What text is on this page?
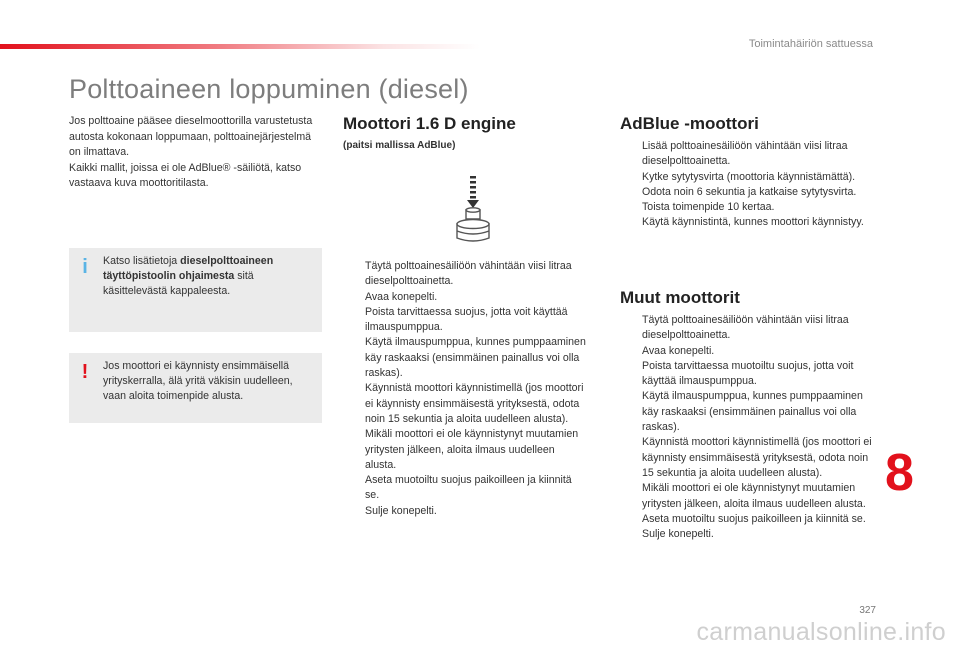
Toimintahäiriön sattuessa
Polttoaineen loppuminen (diesel)

Jos polttoaine pääsee dieselmoottorilla varustetusta autosta kokonaan loppumaan, polttoainejärjestelmä on ilmattava.

Kaikki mallit, joissa ei ole AdBlue® -säiliötä, katso vastaava kuva moottoritilasta.

i	Katso lisätietoja dieselpolttoaineen täyttöpistoolin ohjaimesta sitä käsittelevästä kappaleesta.
! Jos moottori ei käynnisty ensimmäisellä yrityskerralla, älä yritä väkisin uudelleen, vaan aloita toimenpide alusta.
Moottori 1.6 D engine
(paitsi mallissa AdBlue)
Täytä polttoainesäiliöön vähintään viisi litraa dieselpolttoainetta.
Avaa konepelti.
Poista tarvittaessa suojus, jotta voit käyttää ilmauspumppua.
Käytä ilmauspumppua, kunnes pumppaaminen käy raskaaksi (ensimmäinen painallus voi olla raskas).
Käynnistä moottori käynnistimellä (jos moottori ei käynnisty ensimmäisestä yrityksestä, odota noin 15 sekuntia ja aloita uudelleen alusta).
Mikäli moottori ei ole käynnistynyt muutamien yritysten jälkeen, aloita ilmaus uudelleen alusta.
Aseta muotoiltu suojus paikoilleen ja kiinnitä se.
Sulje konepelti.
AdBlue -moottori
Lisää polttoainesäiliöön vähintään viisi litraa dieselpolttoainetta.
Kytke sytytysvirta (moottoria käynnistämättä).
Odota noin 6 sekuntia ja katkaise sytytysvirta.
Toista toimenpide 10 kertaa.
Käytä käynnistintä, kunnes moottori käynnistyy.
Muut moottorit
Täytä polttoainesäiliöön vähintään viisi litraa dieselpolttoainetta.
Avaa konepelti.
Poista tarvittaessa muotoiltu suojus, jotta voit käyttää ilmauspumppua.
Käytä ilmauspumppua, kunnes pumppaaminen käy raskaaksi (ensimmäinen painallus voi olla raskas).
Käynnistä moottori käynnistimellä (jos moottori ei käynnisty ensimmäisestä yrityksestä, odota noin 15 sekuntia ja aloita uudelleen alusta).
Mikäli moottori ei ole käynnistynyt muutamien yritysten jälkeen, aloita ilmaus uudelleen alusta.
Aseta muotoiltu suojus paikoilleen ja kiinnitä se.
Sulje konepelti.
8
327
carmanualsonline.info
